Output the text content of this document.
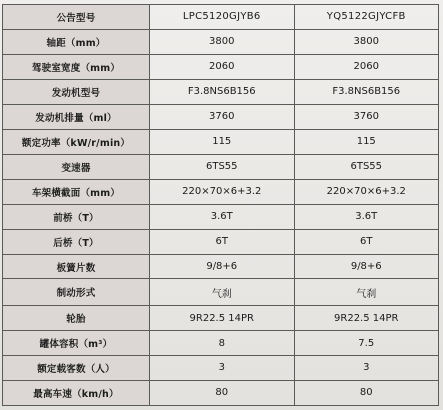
公告型号	LPC5120GJYB6	YQ5122GJYCFB
轴距（mm）	3800	3800
驾驶室宽度（mm）	2060	2060
发动机型号	F3.8NS6B156	F3.8NS6B156
发动机排量（ml）	3760	3760
额定功率（kW/r/min）	115	115
变速器	6TS55	6TS55
车架横截面（mm）	220×70×6+3.2	220×70×6+3.2
前桥（T）	3.6T	3.6T
后桥（T）	6T	6T
板簧片数	9/8+6	9/8+6
制动形式	气刹	气刹
轮胎	9R22.5 14PR	9R22.5 14PR
罐体容积（m³）	8	7.5
额定载客数（人）	3	3
最高车速（km/h）	80	80
